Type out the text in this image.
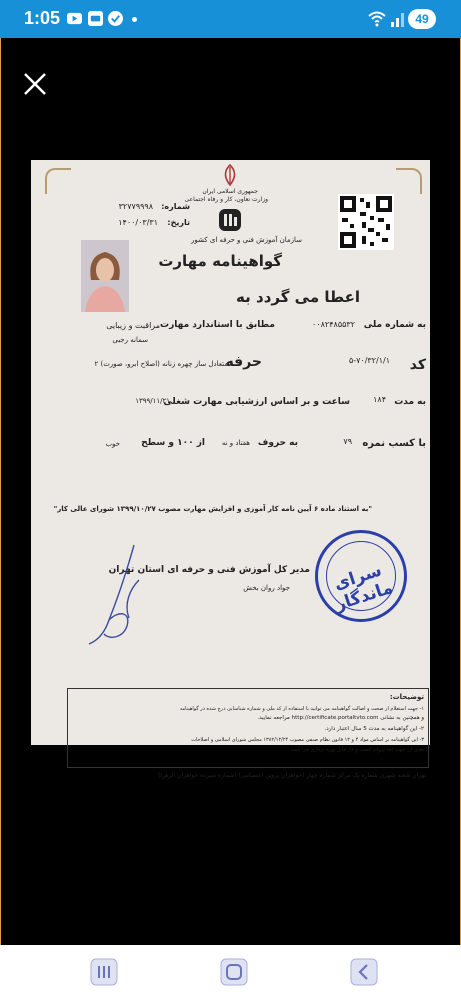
1:05	49
جمهوری اسلامی ایران
وزارت تعاون، کار و رفاه اجتماعی
شماره:
۳۲۷۷۹۹۹۸
تاریخ:
۱۴۰۰/۰۳/۳۱
سازمان آموزش فنی و حرفه ای کشور
گواهینامه مهارت
سمانه رجبی
اعطا می گردد به
به شماره ملی
۰۰۸۲۴۸۵۵۳۲
مطابق با استاندارد مهارت
مراقبت و زیبایی
کد
۵-۷۰/۳۲/۱/۱
حرفه
متعادل ساز چهره زنانه (اصلاح ابرو، صورت) ۲
به مدت
۱۸۴
ساعت و بر اساس ارزشیابی مهارت شغلی
۱۳۹۹/۱۱/۲۱
با کسب نمره
۷۹
به حروف
هفتاد و نه
از ۱۰۰ و سطح
خوب
"به استناد ماده ۶ آیین نامه کار آموزی و افزایش مهارت مصوب ۱۳۹۹/۱۰/۲۷ شورای عالی کار"
سرای ماندگار
مدیر کل آموزش فنی و حرفه ای استان تهران
جواد روان بخش
توضیحات:
۱- جهت استعلام از صحت و اصالت گواهینامه می توانید با استفاده از کد ملی و شماره شناسایی درج شده در گواهینامه
و همچنین به نشانی http://certificate.portaltvto.com مراجعه نمایید.
۲- این گواهینامه به مدت 5 سال اعتبار دارد.
۳- این گواهینامه بر اساس مواد ۴ و ۱۲ قانون نظام صنفی مصوب ۱۳۸۲/۱۲/۲۴ مجلس شورای اسلامی و اصلاحات
بعدی آن جهت اخذ پروانه کسب و کار قابل بهره برداری می باشد.
تهران شعبه شهری شماره یک مرکز شماره چهار (خواهران پروین اعتصامی) (شماره سیزده خواهران الزهرا)
